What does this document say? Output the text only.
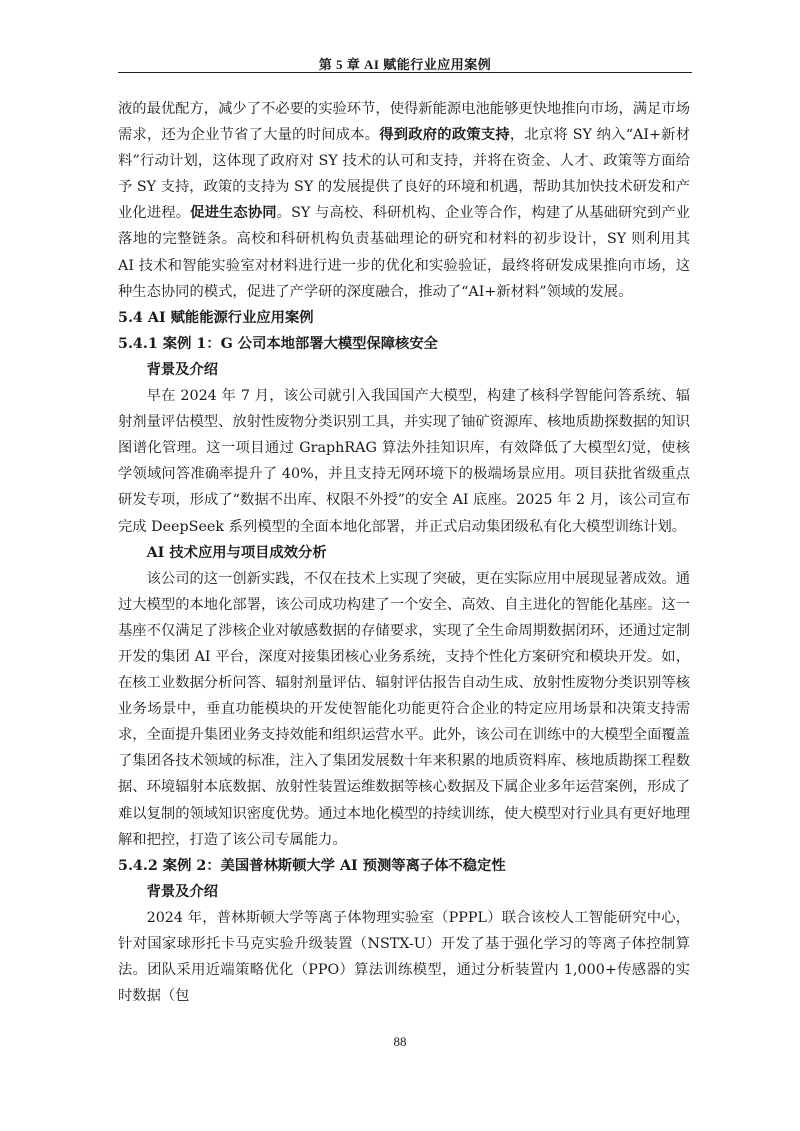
第 5 章 AI 赋能行业应用案例

液的最优配方，减少了不必要的实验环节，使得新能源电池能够更快地推向市场，满足市场需求，还为企业节省了大量的时间成本。得到政府的政策支持，北京将 SY 纳入“AI+新材料”行动计划，这体现了政府对 SY 技术的认可和支持，并将在资金、人才、政策等方面给予 SY 支持，政策的支持为 SY 的发展提供了良好的环境和机遇，帮助其加快技术研发和产业化进程。促进生态协同。SY 与高校、科研机构、企业等合作，构建了从基础研究到产业落地的完整链条。高校和科研机构负责基础理论的研究和材料的初步设计，SY 则利用其 AI 技术和智能实验室对材料进行进一步的优化和实验验证，最终将研发成果推向市场，这种生态协同的模式，促进了产学研的深度融合，推动了“AI+新材料”领域的发展。

5.4 AI 赋能能源行业应用案例
5.4.1 案例 1：G 公司本地部署大模型保障核安全
背景及介绍

早在 2024 年 7 月，该公司就引入我国国产大模型，构建了核科学智能问答系统、辐射剂量评估模型、放射性废物分类识别工具，并实现了铀矿资源库、核地质勘探数据的知识图谱化管理。这一项目通过 GraphRAG 算法外挂知识库，有效降低了大模型幻觉，使核学领域问答准确率提升了 40%，并且支持无网环境下的极端场景应用。项目获批省级重点研发专项，形成了“数据不出库、权限不外授”的安全 AI 底座。2025 年 2 月，该公司宣布完成 DeepSeek 系列模型的全面本地化部署，并正式启动集团级私有化大模型训练计划。

AI 技术应用与项目成效分析

该公司的这一创新实践，不仅在技术上实现了突破，更在实际应用中展现显著成效。通过大模型的本地化部署，该公司成功构建了一个安全、高效、自主进化的智能化基座。这一基座不仅满足了涉核企业对敏感数据的存储要求，实现了全生命周期数据闭环，还通过定制开发的集团 AI 平台，深度对接集团核心业务系统，支持个性化方案研究和模块开发。如，在核工业数据分析问答、辐射剂量评估、辐射评估报告自动生成、放射性废物分类识别等核业务场景中，垂直功能模块的开发使智能化功能更符合企业的特定应用场景和决策支持需求，全面提升集团业务支持效能和组织运营水平。此外，该公司在训练中的大模型全面覆盖了集团各技术领域的标准，注入了集团发展数十年来积累的地质资料库、核地质勘探工程数据、环境辐射本底数据、放射性装置运维数据等核心数据及下属企业多年运营案例，形成了难以复制的领域知识密度优势。通过本地化模型的持续训练，使大模型对行业具有更好地理解和把控，打造了该公司专属能力。

5.4.2 案例 2：美国普林斯顿大学 AI 预测等离子体不稳定性
背景及介绍

2024 年，普林斯顿大学等离子体物理实验室（PPPL）联合该校人工智能研究中心，针对国家球形托卡马克实验升级装置（NSTX-U）开发了基于强化学习的等离子体控制算法。团队采用近端策略优化（PPO）算法训练模型，通过分析装置内 1,000+传感器的实时数据（包

88
